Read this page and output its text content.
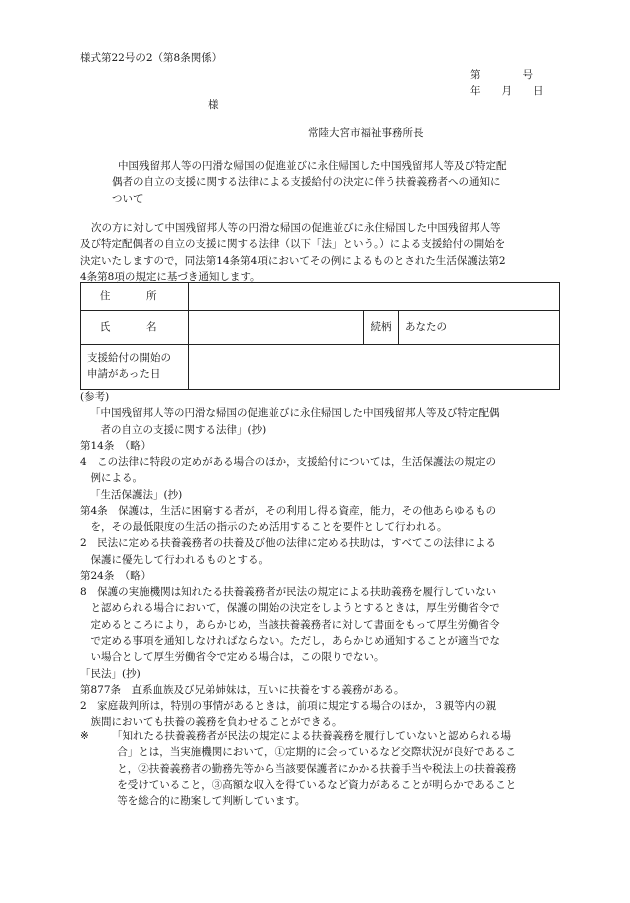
様式第22号の2（第8条関係）
第　　　　号
年　　月　　日
様
常陸大宮市福祉事務所長

中国残留邦人等の円滑な帰国の促進並びに永住帰国した中国残留邦人等及び特定配

偶者の自立の支援に関する法律による支援給付の決定に伴う扶養義務者への通知に

ついて

次の方に対して中国残留邦人等の円滑な帰国の促進並びに永住帰国した中国残留邦人等

及び特定配偶者の自立の支援に関する法律（以下「法」という。）による支援給付の開始を

決定いたしますので，同法第14条第4項においてその例によるものとされた生活保護法第2

4条第8項の規定に基づき通知します。

住　所			
氏　名		続柄	あなたの

支援給付の開始の
申請があった日			

(参考)

「中国残留邦人等の円滑な帰国の促進並びに永住帰国した中国残留邦人等及び特定配偶

者の自立の支援に関する法律」(抄)

第14条　（略）

4　この法律に特段の定めがある場合のほか，支援給付については，生活保護法の規定の

例による。

「生活保護法」(抄)

第4条　保護は，生活に困窮する者が，その利用し得る資産，能力，その他あらゆるもの

を，その最低限度の生活の指示のため活用することを要件として行われる。

2　民法に定める扶養義務者の扶養及び他の法律に定める扶助は，すべてこの法律による

保護に優先して行われるものとする。

第24条　（略）

8　保護の実施機関は知れたる扶養義務者が民法の規定による扶助義務を履行していない

と認められる場合において，保護の開始の決定をしようとするときは，厚生労働省令で

定めるところにより，あらかじめ，当該扶養義務者に対して書面をもって厚生労働省令

で定める事項を通知しなければならない。ただし，あらかじめ通知することが適当でな

い場合として厚生労働省令で定める場合は，この限りでない。

「民法」(抄)

第877条　直系血族及び兄弟姉妹は，互いに扶養をする義務がある。

2　家庭裁判所は，特別の事情があるときは，前項に規定する場合のほか，３親等内の親

族間においても扶養の義務を負わせることができる。

※ 「知れたる扶養義務者が民法の規定による扶養義務を履行していないと認められる場

合」とは，当実施機関において，①定期的に会っているなど交際状況が良好であるこ

と，②扶養義務者の勤務先等から当該要保護者にかかる扶養手当や税法上の扶養義務

を受けていること，③高額な収入を得ているなど資力があることが明らかであること

等を総合的に勘案して判断しています。
